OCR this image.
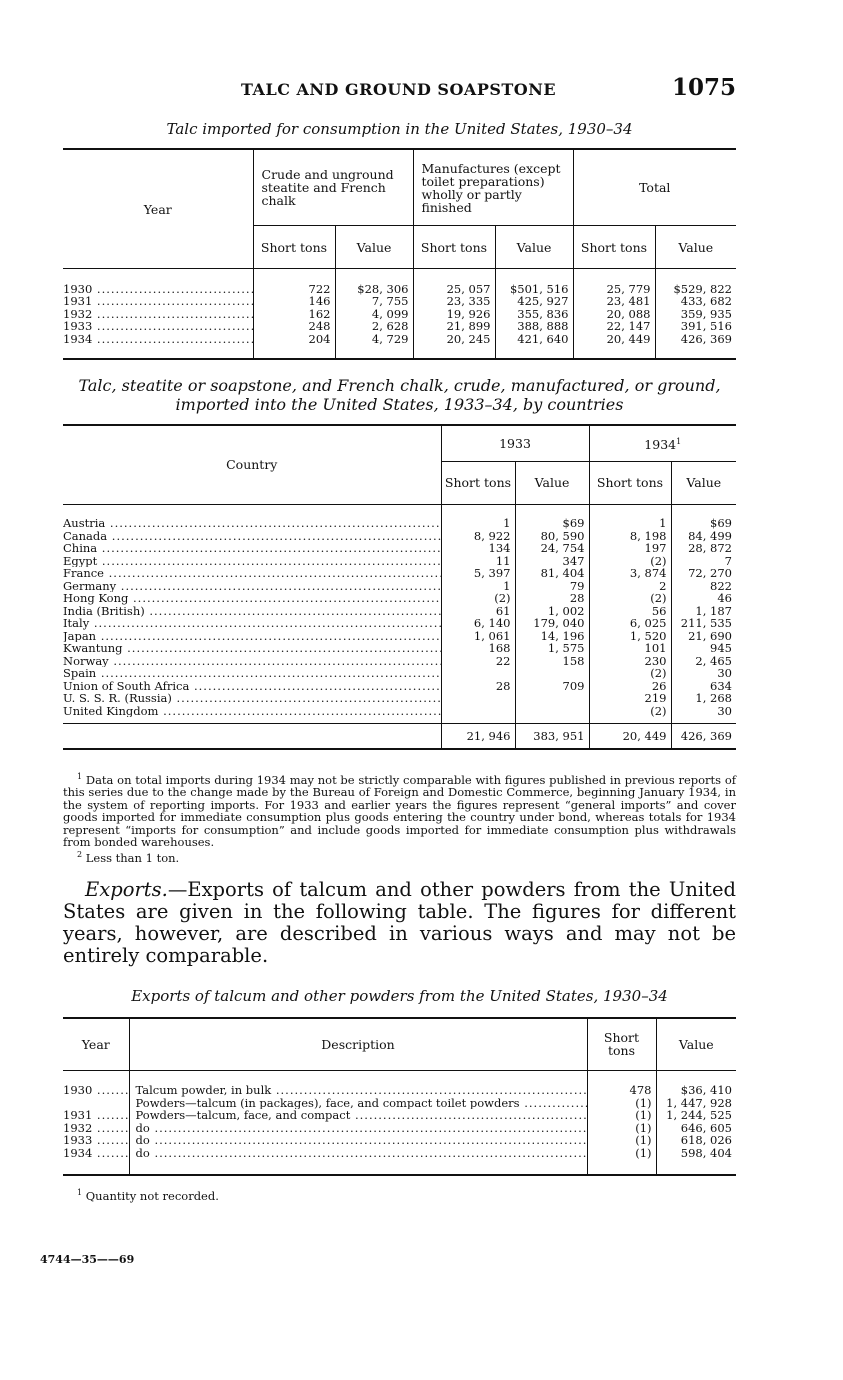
TALC AND GROUND SOAPSTONE	1075
Talc imported for consumption in the United States, 1930–34
Year	Crude and unground steatite and French chalk		Manufactures (except toilet preparations) wholly or partly finished		Total	
	Short tons	Value	Short tons	Value	Short tons	Value

1930 .....	722	$28, 306	25, 057	$501, 516	25, 779	$529, 822
1931 .....	146	7, 755	23, 335	425, 927	23, 481	433, 682
1932 .....	162	4, 099	19, 926	355, 836	20, 088	359, 935
1933 .....	248	2, 628	21, 899	388, 888	22, 147	391, 516
1934 .....	204	4, 729	20, 245	421, 640	20, 449	426, 369

Talc, steatite or soapstone, and French chalk, crude, manufactured, or ground,
imported into the United States, 1933–34, by countries
Country	1933		1934$^1$
	Short tons	Value	Short tons	Value

Austria .....	1	$69	1	$69
Canada .....	8, 922	80, 590	8, 198	84, 499
China .....	134	24, 754	197	28, 872
Egypt .....	11	347	(2)	7
France .....	5, 397	81, 404	3, 874	72, 270
Germany .....	1	79	2	822
Hong Kong .....	(2)	28	(2)	46
India (British) .....	61	1, 002	56	1, 187
Italy .....	6, 140	179, 040	6, 025	211, 535
Japan .....	1, 061	14, 196	1, 520	21, 690
Kwantung .....	168	1, 575	101	945
Norway .....	22	158	230	2, 465
Spain .....			(2)	30
Union of South Africa .....	28	709	26	634
U. S. S. R. (Russia) .....			219	1, 268
United Kingdom .....			(2)	30

	21, 946	383, 951	20, 449	426, 369
$^1$ Data on total imports during 1934 may not be strictly comparable with figures published in previous reports of this series due to the change made by the Bureau of Foreign and Domestic Commerce, beginning January 1934, in the system of reporting imports. For 1933 and earlier years the figures represent “general imports” and cover goods imported for immediate consumption plus goods entering the country under bond, whereas totals for 1934 represent “imports for consumption” and include goods imported for immediate consumption plus withdrawals from bonded warehouses.
$^2$ Less than 1 ton.
Exports.—Exports of talcum and other powders from the United States are given in the following table. The figures for different years, however, are described in various ways and may not be entirely comparable.
Exports of talcum and other powders from the United States, 1930–34
Year	Description	Short tons	Value

1930 .....	Talcum powder, in bulk .....	478	$36, 410
	Powders—talcum (in packages), face, and compact toilet powders .....	(1)	1, 447, 928
1931 .....	Powders—talcum, face, and compact .....	(1)	1, 244, 525
1932 .....	do .....	(1)	646, 605
1933 .....	do .....	(1)	618, 026
1934 .....	do .....	(1)	598, 404

$^1$ Quantity not recorded.
4744—35——69
